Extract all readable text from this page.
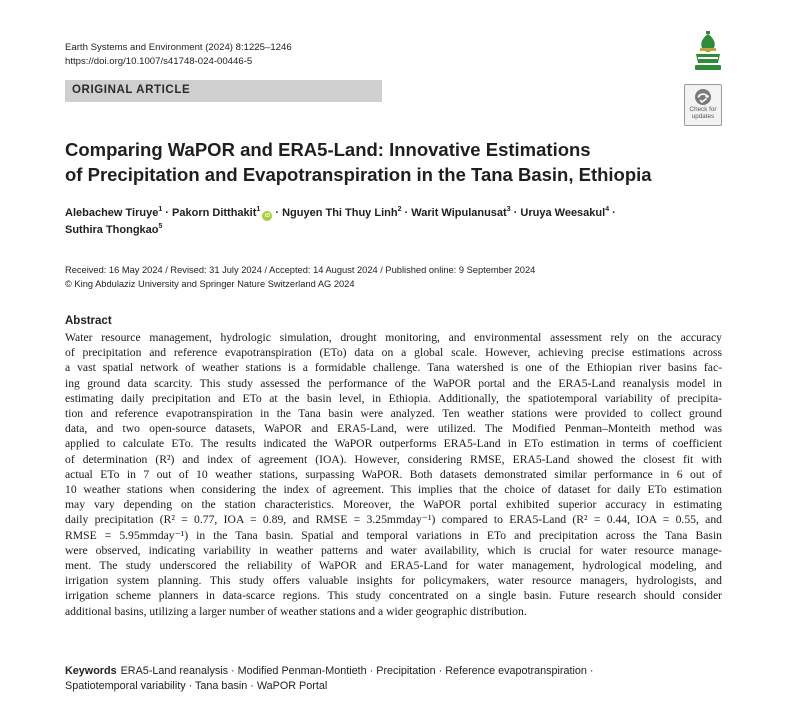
Earth Systems and Environment (2024) 8:1225–1246
https://doi.org/10.1007/s41748-024-00446-5
ORIGINAL ARTICLE
Check for
updates
Comparing WaPOR and ERA5-Land: Innovative Estimations
of Precipitation and Evapotranspiration in the Tana Basin, Ethiopia
Alebachew Tiruye$^1$ · Pakorn Ditthakit$^1$iD · Nguyen Thi Thuy Linh$^2$ · Warit Wipulanusat$^3$ · Uruya Weesakul$^4$ ·
Suthira Thongkao$^5$
Received: 16 May 2024 / Revised: 31 July 2024 / Accepted: 14 August 2024 / Published online: 9 September 2024
© King Abdulaziz University and Springer Nature Switzerland AG 2024
Abstract
Water resource management, hydrologic simulation, drought monitoring, and environmental assessment rely on the accuracy
of precipitation and reference evapotranspiration (ETo) data on a global scale. However, achieving precise estimations across
a vast spatial network of weather stations is a formidable challenge. Tana watershed is one of the Ethiopian river basins fac-
ing ground data scarcity. This study assessed the performance of the WaPOR portal and the ERA5-Land reanalysis model in
estimating daily precipitation and ETo at the basin level, in Ethiopia. Additionally, the spatiotemporal variability of precipita-
tion and reference evapotranspiration in the Tana basin were analyzed. Ten weather stations were provided to collect ground
data, and two open-source datasets, WaPOR and ERA5-Land, were utilized. The Modified Penman–Monteith method was
applied to calculate ETo. The results indicated the WaPOR outperforms ERA5-Land in ETo estimation in terms of coefficient
of determination (R²) and index of agreement (IOA). However, considering RMSE, ERA5-Land showed the closest fit with
actual ETo in 7 out of 10 weather stations, surpassing WaPOR. Both datasets demonstrated similar performance in 6 out of
10 weather stations when considering the index of agreement. This implies that the choice of dataset for daily ETo estimation
may vary depending on the station characteristics. Moreover, the WaPOR portal exhibited superior accuracy in estimating
daily precipitation (R² = 0.77, IOA = 0.89, and RMSE = 3.25mmday⁻¹) compared to ERA5-Land (R² = 0.44, IOA = 0.55, and
RMSE = 5.95mmday⁻¹) in the Tana basin. Spatial and temporal variations in ETo and precipitation across the Tana Basin
were observed, indicating variability in weather patterns and water availability, which is crucial for water resource manage-
ment. The study underscored the reliability of WaPOR and ERA5-Land for water management, hydrological modeling, and
irrigation system planning. This study offers valuable insights for policymakers, water resource managers, hydrologists, and
irrigation scheme planners in data-scarce regions. This study concentrated on a single basin. Future research should consider
additional basins, utilizing a larger number of weather stations and a wider geographic distribution.
Keywords ERA5-Land reanalysis · Modified Penman-Montieth · Precipitation · Reference evapotranspiration ·
Spatiotemporal variability · Tana basin · WaPOR Portal
